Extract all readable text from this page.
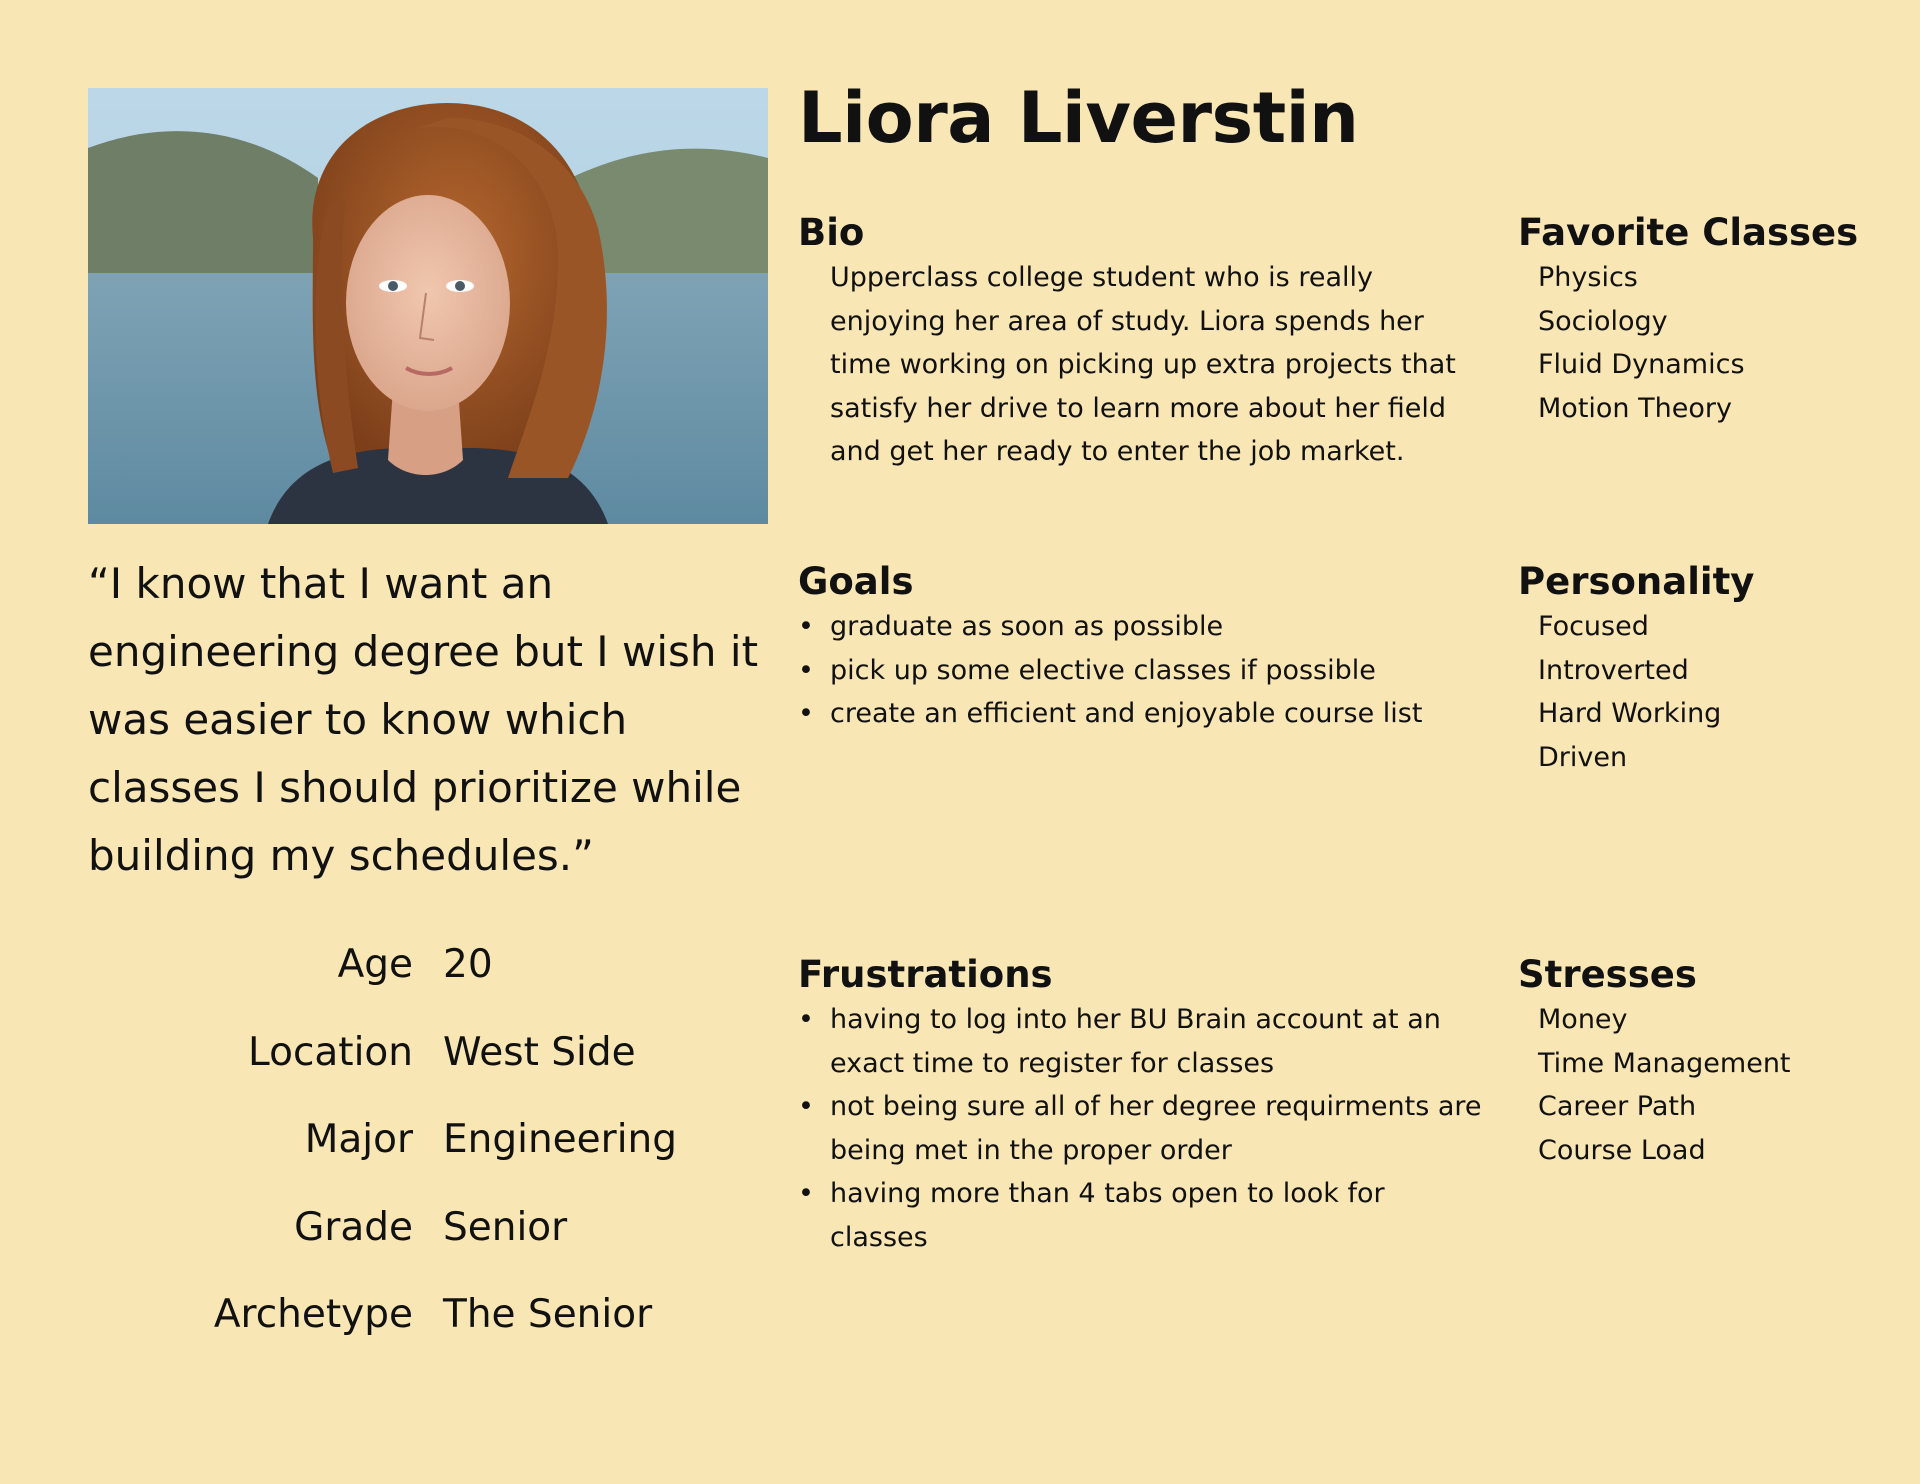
Liora Liverstin
Bio

Upperclass college student who is really enjoying her area of study. Liora spends her time working on picking up extra projects that satisfy her drive to learn more about her field and get her ready to enter the job market.

Favorite Classes
Physics
Sociology
Fluid Dynamics
Motion Theory

“I know that I want an engineering degree but I wish it was easier to know which classes I should prioritize while building my schedules.”

Goals
• graduate as soon as possible
• pick up some elective classes if possible
• create an efficient and enjoyable course list
Personality
Focused
Introverted
Hard Working
Driven
Age 20
Location West Side
Major Engineering
Grade Senior
Archetype The Senior
Frustrations
• having to log into her BU Brain account at an exact time to register for classes
• not being sure all of her degree requirments are being met in the proper order
• having more than 4 tabs open to look for classes
Stresses
Money
Time Management
Career Path
Course Load
